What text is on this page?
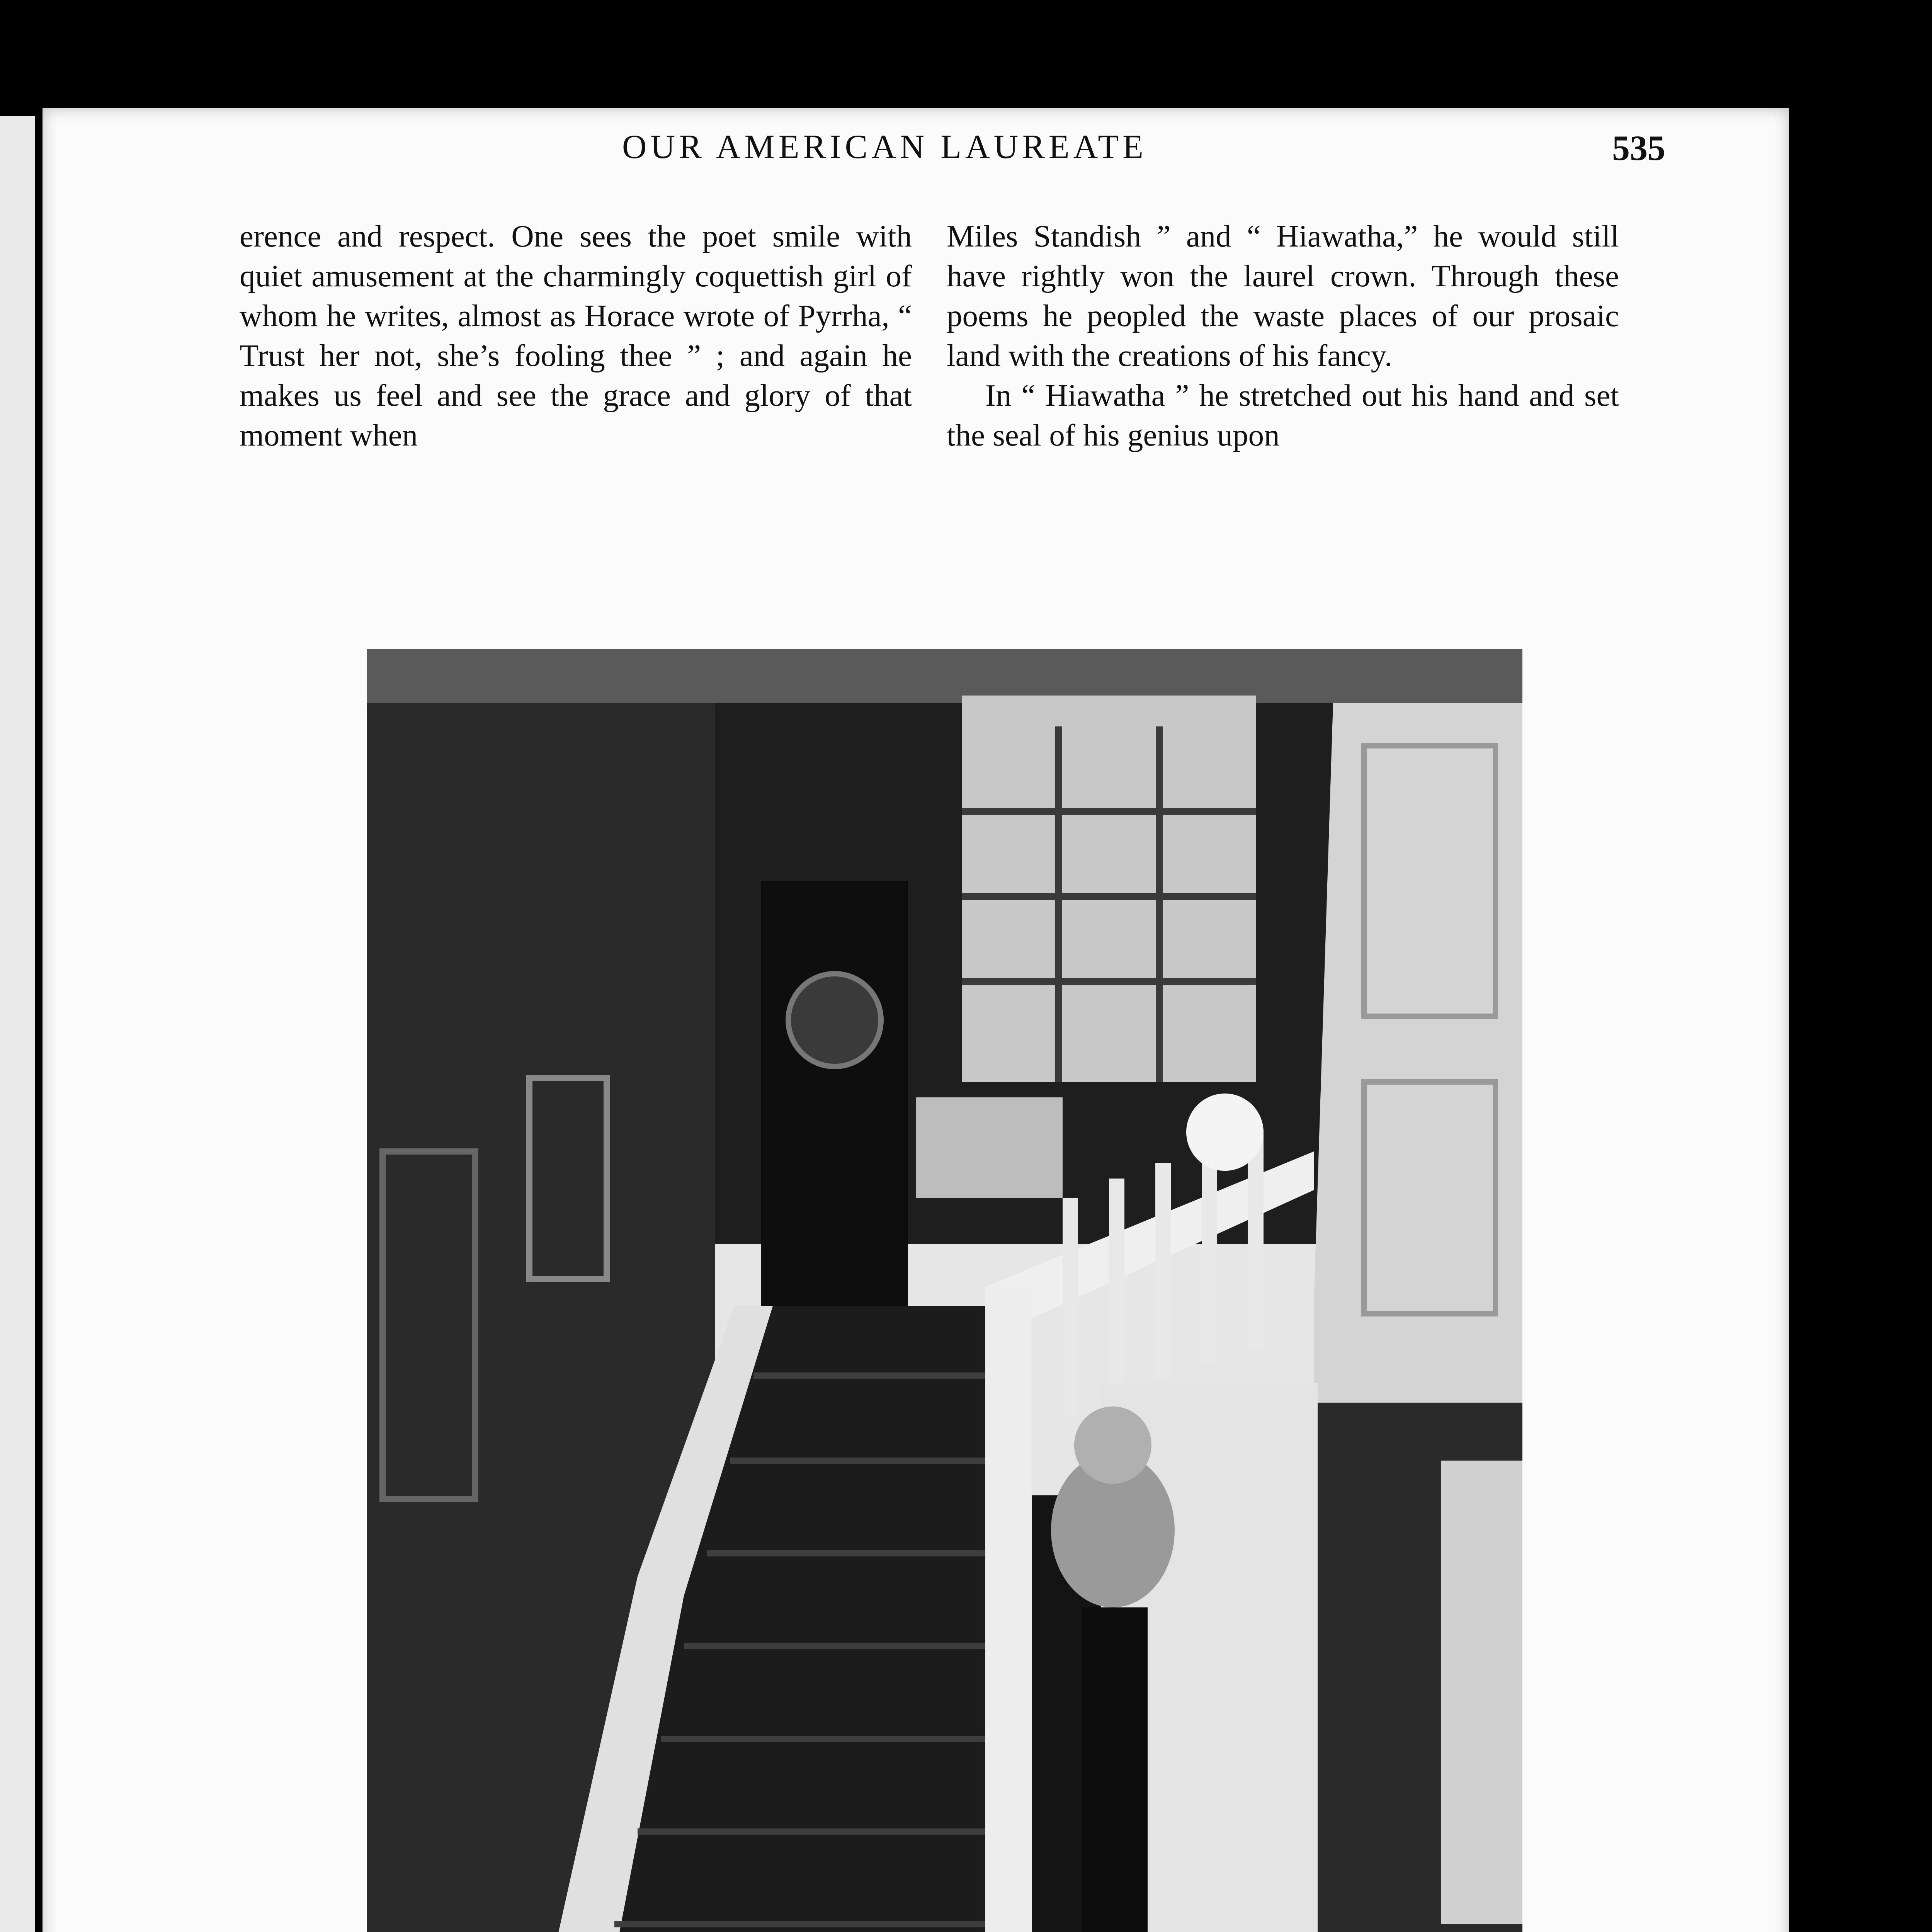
OUR AMERICAN LAUREATE	535

erence and respect. One sees the poet smile with quiet amusement at the charmingly coquettish girl of whom he writes, almost as Horace wrote of Pyrrha, “ Trust her not, she’s fooling thee ” ; and again he makes us feel and see the grace and glory of that moment when

Miles Standish ” and “ Hiawatha,” he would still have rightly won the laurel crown. Through these poems he peopled the waste places of our prosaic land with the creations of his fancy.

In “ Hiawatha ” he stretched out his hand and set the seal of his genius upon
